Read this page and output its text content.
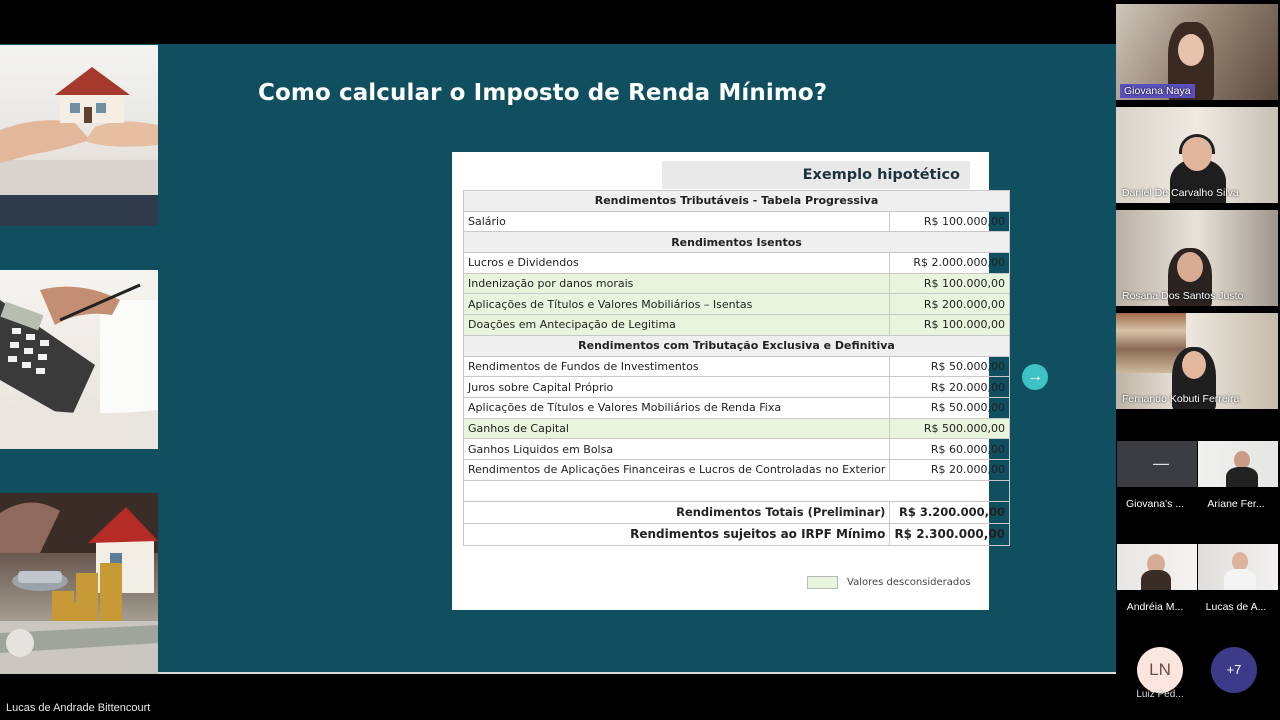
Como calcular o Imposto de Renda Mínimo?
Exemplo hipotético
Rendimentos Tributáveis - Tabela Progressiva	
Salário	R$ 100.000,00
Rendimentos Isentos	
Lucros e Dividendos	R$ 2.000.000,00
Indenização por danos morais	R$ 100.000,00
Aplicações de Títulos e Valores Mobiliários – Isentas	R$ 200.000,00
Doações em Antecipação de Legitima	R$ 100.000,00
Rendimentos com Tributação Exclusiva e Definitiva	
Rendimentos de Fundos de Investimentos	R$ 50.000,00
Juros sobre Capital Próprio	R$ 20.000,00
Aplicações de Títulos e Valores Mobiliários de Renda Fixa	R$ 50.000,00
Ganhos de Capital	R$ 500.000,00
Ganhos Liquidos em Bolsa	R$ 60.000,00
Rendimentos de Aplicações Financeiras e Lucros de Controladas no Exterior	R$ 20.000,00

Rendimentos Totais (Preliminar)	R$ 3.200.000,00
Rendimentos sujeitos ao IRPF Mínimo	R$ 2.300.000,00
Valores desconsiderados
→
Lucas de Andrade Bittencourt
Giovana Naya
Daniel De Carvalho Silva
Rosana Dos Santos Justo
Fernando Kobuti Ferreira
▬▬▬▬
Giovana's ...	Ariane Fer...
Andréia M...	Lucas de A...
LN
Luiz Ped...
+7
